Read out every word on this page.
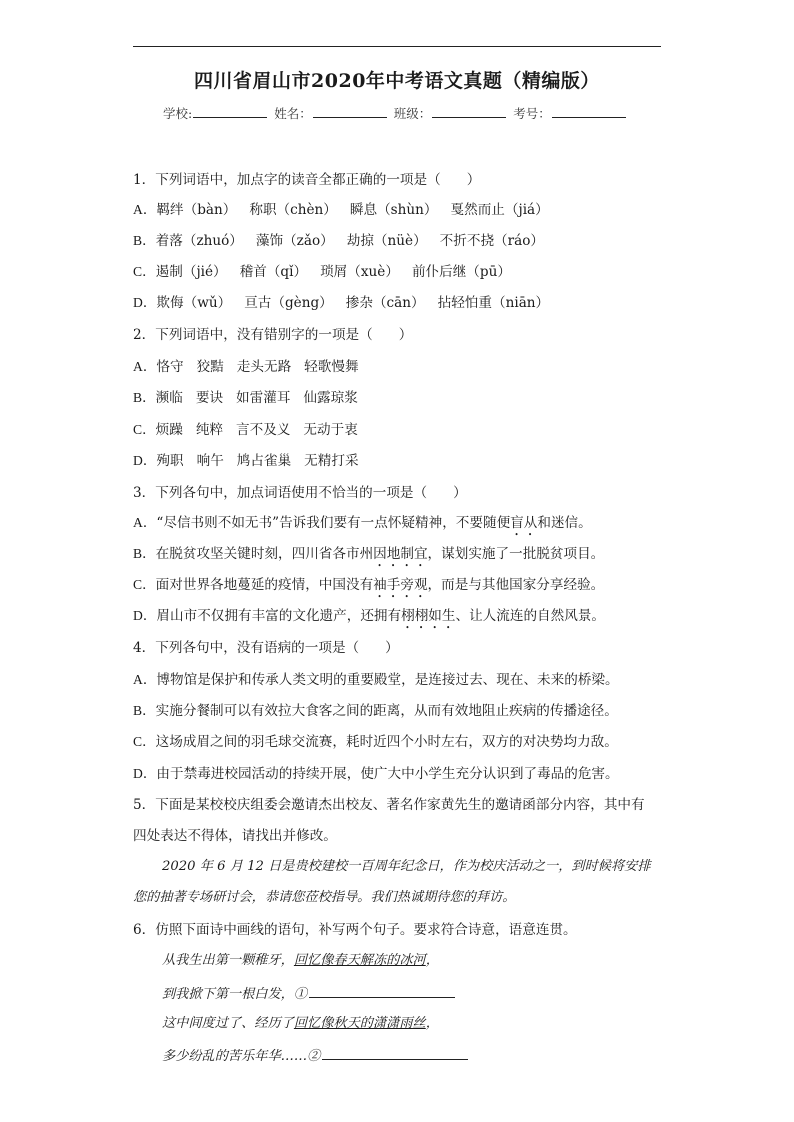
四川省眉山市2020年中考语文真题（精编版）
学校:	姓名：	班级：	考号：
1．下列词语中，加点字的读音全都正确的一项是（ ）
A．羁绊（bàn） 称职（chèn） 瞬息（shùn） 戛然而止（jiá）
B．着落（zhuó） 藻饰（zǎo） 劫掠（nüè） 不折不挠（ráo）
C．遏制（jié） 稽首（qǐ） 琐屑（xuè） 前仆后继（pū）
D．欺侮（wǔ） 亘古（gèng） 掺杂（cān） 拈轻怕重（niān）
2．下列词语中，没有错别字的一项是（ ）
A．恪守 狡黠 走头无路 轻歌慢舞
B．濒临 要诀 如雷灌耳 仙露琼浆
C．烦躁 纯粹 言不及义 无动于衷
D．殉职 响午 鸠占雀巢 无精打采
3．下列各句中，加点词语使用不恰当的一项是（ ）
A．“尽信书则不如无书”告诉我们要有一点怀疑精神，不要随便盲从和迷信。
B．在脱贫攻坚关键时刻，四川省各市州因地制宜，谋划实施了一批脱贫项目。
C．面对世界各地蔓延的疫情，中国没有袖手旁观，而是与其他国家分享经验。
D．眉山市不仅拥有丰富的文化遗产，还拥有栩栩如生、让人流连的自然风景。
4．下列各句中，没有语病的一项是（ ）
A．博物馆是保护和传承人类文明的重要殿堂，是连接过去、现在、未来的桥梁。
B．实施分餐制可以有效拉大食客之间的距离，从而有效地阻止疾病的传播途径。
C．这场成眉之间的羽毛球交流赛，耗时近四个小时左右，双方的对决势均力敌。
D．由于禁毒进校园活动的持续开展，使广大中小学生充分认识到了毒品的危害。
5．下面是某校校庆组委会邀请杰出校友、著名作家黄先生的邀请函部分内容，其中有
四处表达不得体，请找出并修改。
2020 年 6 月 12 日是贵校建校一百周年纪念日，作为校庆活动之一，到时候将安排
您的抽著专场研讨会，恭请您莅校指导。我们热诚期待您的拜访。
6．仿照下面诗中画线的语句，补写两个句子。要求符合诗意，语意连贯。
从我生出第一颗稚牙，回忆像春天解冻的冰河，
到我掀下第一根白发，①
这中间度过了、经历了回忆像秋天的潇潇雨丝，
多少纷乱的苦乐年华……②
